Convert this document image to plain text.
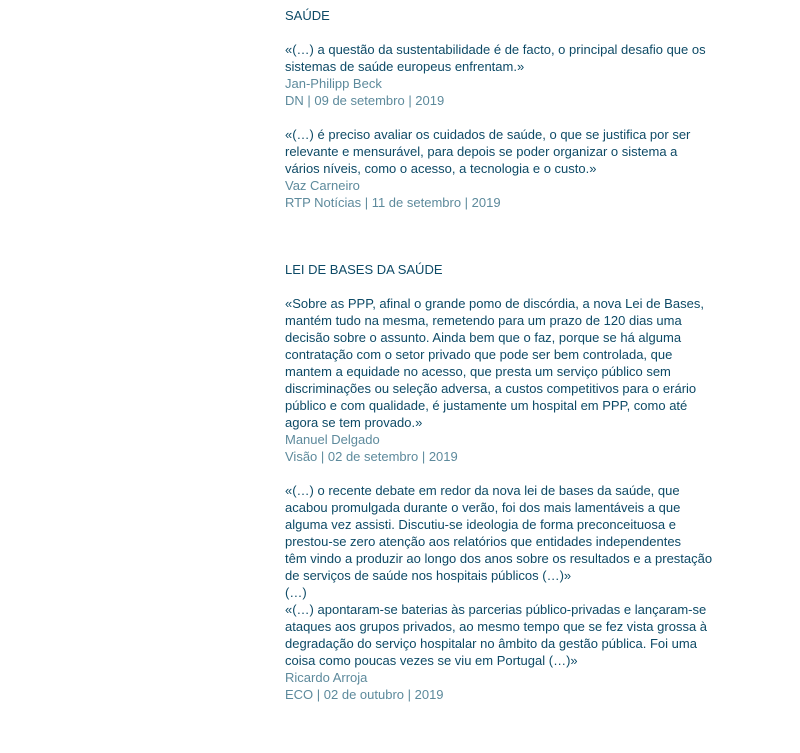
SAÚDE
«(…) a questão da sustentabilidade é de facto, o principal desafio que os
sistemas de saúde europeus enfrentam.»
Jan-Philipp Beck
DN | 09 de setembro | 2019
«(…) é preciso avaliar os cuidados de saúde, o que se justifica por ser
relevante e mensurável, para depois se poder organizar o sistema a
vários níveis, como o acesso, a tecnologia e o custo.»
Vaz Carneiro
RTP Notícias | 11 de setembro | 2019
LEI DE BASES DA SAÚDE
«Sobre as PPP, afinal o grande pomo de discórdia, a nova Lei de Bases,
mantém tudo na mesma, remetendo para um prazo de 120 dias uma
decisão sobre o assunto. Ainda bem que o faz, porque se há alguma
contratação com o setor privado que pode ser bem controlada, que
mantem a equidade no acesso, que presta um serviço público sem
discriminações ou seleção adversa, a custos competitivos para o erário
público e com qualidade, é justamente um hospital em PPP, como até
agora se tem provado.»
Manuel Delgado
Visão | 02 de setembro | 2019
«(…) o recente debate em redor da nova lei de bases da saúde, que
acabou promulgada durante o verão, foi dos mais lamentáveis a que
alguma vez assisti. Discutiu-se ideologia de forma preconceituosa e
prestou-se zero atenção aos relatórios que entidades independentes
têm vindo a produzir ao longo dos anos sobre os resultados e a prestação
de serviços de saúde nos hospitais públicos (…)»
(…)
«(…) apontaram-se baterias às parcerias público-privadas e lançaram-se
ataques aos grupos privados, ao mesmo tempo que se fez vista grossa à
degradação do serviço hospitalar no âmbito da gestão pública. Foi uma
coisa como poucas vezes se viu em Portugal (…)»
Ricardo Arroja
ECO | 02 de outubro | 2019
